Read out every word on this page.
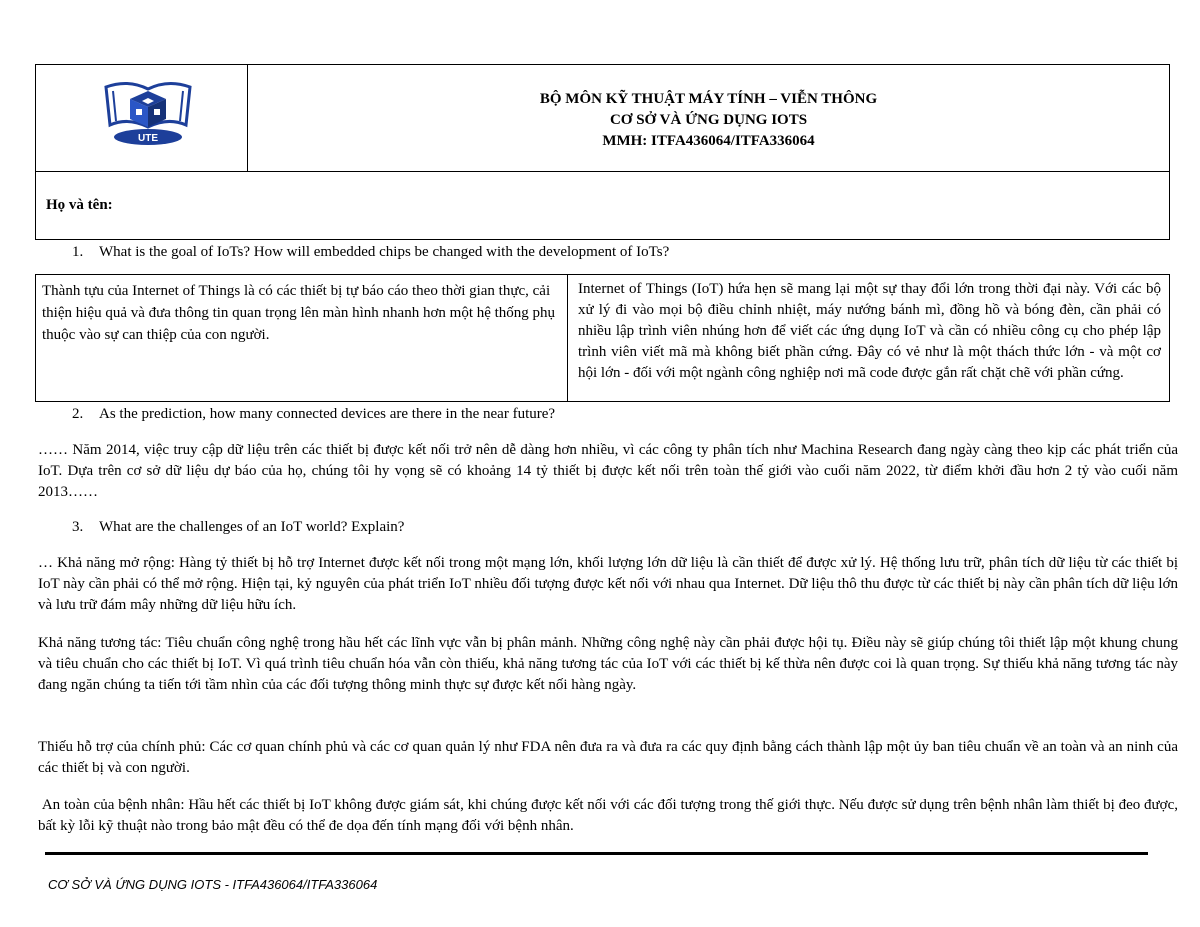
UTE
BỘ MÔN KỸ THUẬT MÁY TÍNH – VIỄN THÔNG
CƠ SỞ VÀ ỨNG DỤNG IOTS
MMH: ITFA436064/ITFA336064
Họ và tên:
1. What is the goal of IoTs? How will embedded chips be changed with the development of IoTs?
Thành tựu của Internet of Things là có các thiết bị tự báo cáo theo thời gian thực, cải thiện hiệu quả và đưa thông tin quan trọng lên màn hình nhanh hơn một hệ thống phụ thuộc vào sự can thiệp của con người.
Internet of Things (IoT) hứa hẹn sẽ mang lại một sự thay đổi lớn trong thời đại này. Với các bộ xử lý đi vào mọi bộ điều chỉnh nhiệt, máy nướng bánh mì, đồng hồ và bóng đèn, cần phải có nhiều lập trình viên nhúng hơn để viết các ứng dụng IoT và cần có nhiều công cụ cho phép lập trình viên viết mã mà không biết phần cứng. Đây có vẻ như là một thách thức lớn - và một cơ hội lớn - đối với một ngành công nghiệp nơi mã code được gắn rất chặt chẽ với phần cứng.
2. As the prediction, how many connected devices are there in the near future?
…… Năm 2014, việc truy cập dữ liệu trên các thiết bị được kết nối trở nên dễ dàng hơn nhiều, vì các công ty phân tích như Machina Research đang ngày càng theo kịp các phát triển của IoT. Dựa trên cơ sở dữ liệu dự báo của họ, chúng tôi hy vọng sẽ có khoảng 14 tỷ thiết bị được kết nối trên toàn thế giới vào cuối năm 2022, từ điểm khởi đầu hơn 2 tỷ vào cuối năm 2013……
3. What are the challenges of an IoT world? Explain?
… Khả năng mở rộng: Hàng tỷ thiết bị hỗ trợ Internet được kết nối trong một mạng lớn, khối lượng lớn dữ liệu là cần thiết để được xử lý. Hệ thống lưu trữ, phân tích dữ liệu từ các thiết bị IoT này cần phải có thể mở rộng. Hiện tại, kỷ nguyên của phát triển IoT nhiều đối tượng được kết nối với nhau qua Internet. Dữ liệu thô thu được từ các thiết bị này cần phân tích dữ liệu lớn và lưu trữ đám mây những dữ liệu hữu ích.
Khả năng tương tác: Tiêu chuẩn công nghệ trong hầu hết các lĩnh vực vẫn bị phân mảnh. Những công nghệ này cần phải được hội tụ. Điều này sẽ giúp chúng tôi thiết lập một khung chung và tiêu chuẩn cho các thiết bị IoT. Vì quá trình tiêu chuẩn hóa vẫn còn thiếu, khả năng tương tác của IoT với các thiết bị kế thừa nên được coi là quan trọng. Sự thiếu khả năng tương tác này đang ngăn chúng ta tiến tới tầm nhìn của các đối tượng thông minh thực sự được kết nối hàng ngày.
Thiếu hỗ trợ của chính phủ: Các cơ quan chính phủ và các cơ quan quản lý như FDA nên đưa ra và đưa ra các quy định bằng cách thành lập một ủy ban tiêu chuẩn về an toàn và an ninh của các thiết bị và con người.
An toàn của bệnh nhân: Hầu hết các thiết bị IoT không được giám sát, khi chúng được kết nối với các đối tượng trong thế giới thực. Nếu được sử dụng trên bệnh nhân làm thiết bị đeo được, bất kỳ lỗi kỹ thuật nào trong bảo mật đều có thể đe dọa đến tính mạng đối với bệnh nhân.
CƠ SỞ VÀ ỨNG DỤNG IOTS - ITFA436064/ITFA336064
